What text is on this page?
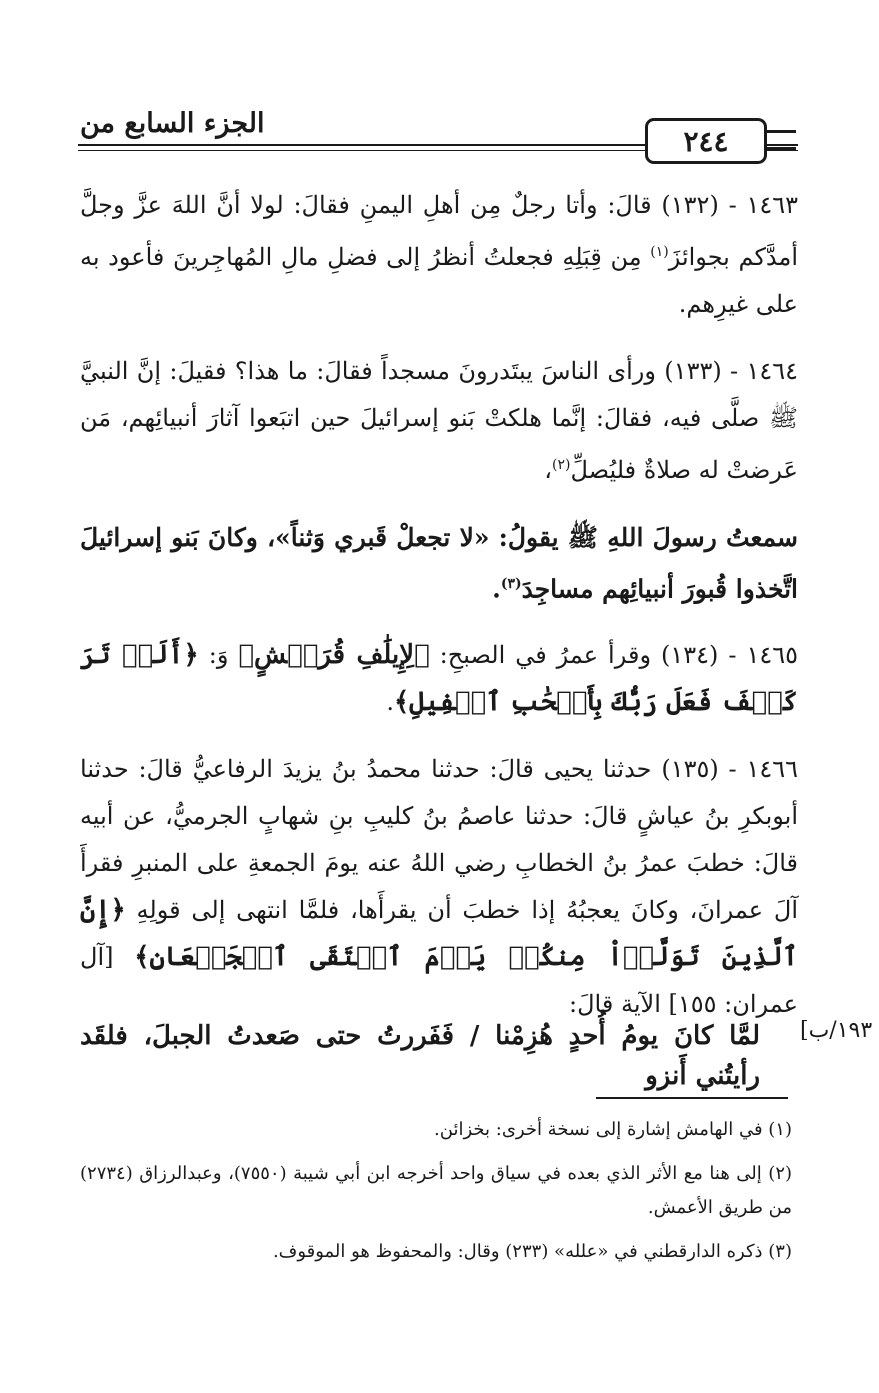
الجزء السابع من
٢٤٤

١٤٦٣ - (١٣٢) قالَ: وأتا رجلٌ مِن أهلِ اليمنِ فقالَ: لولا أنَّ اللهَ عزَّ وجلَّ أمدَّكم بجوائزَ$^{(١)}$ مِن قِبَلِهِ فجعلتُ أنظرُ إلى فضلِ مالِ المُهاجِرينَ فأعود به على غيرِهم.

١٤٦٤ - (١٣٣) ورأى الناسَ يبتَدرونَ مسجداً فقالَ: ما هذا؟ فقيلَ: إنَّ النبيَّ ﷺ صلَّى فيه، فقالَ: إنَّما هلكتْ بَنو إسرائيلَ حين اتبَعوا آثارَ أنبيائِهم، مَن عَرضتْ له صلاةٌ فليُصلِّ$^{(٢)}$،

سمعتُ رسولَ اللهِ ﷺ يقولُ: «لا تجعلْ قَبري وَثناً»، وكانَ بَنو إسرائيلَ اتَّخذوا قُبورَ أنبيائِهم مساجِدَ$^{(٣)}$.

١٤٦٥ - (١٣٤) وقرأ عمرُ في الصبحِ: ﴿لِإِيلَٰفِ قُرَيۡشٍ﴾ وَ: ﴿أَلَمۡ تَرَ كَيۡفَ فَعَلَ رَبُّكَ بِأَصۡحَٰبِ ٱلۡفِيلِ﴾.

١٤٦٦ - (١٣٥) حدثنا يحيى قالَ: حدثنا محمدُ بنُ يزيدَ الرفاعيُّ قالَ: حدثنا أبوبكرِ بنُ عياشٍ قالَ: حدثنا عاصمُ بنُ كليبِ بنِ شهابٍ الجرميُّ، عن أبيه قالَ: خطبَ عمرُ بنُ الخطابِ رضي اللهُ عنه يومَ الجمعةِ على المنبرِ فقرأَ آلَ عمرانَ، وكانَ يعجبُهُ إذا خطبَ أن يقرأَها، فلمَّا انتهى إلى قولِهِ ﴿إِنَّ ٱلَّذِينَ تَوَلَّوۡاْ مِنكُمۡ يَوۡمَ ٱلۡتَقَى ٱلۡجَمۡعَانِ﴾ [آل عمران: ١٥٥] الآية قالَ:

لمَّا كانَ يومُ أُحدٍ هُزِمْنا / فَفَررتُ حتى صَعدتُ الجبلَ، فلقَد رأيتُني أَنزو
١٩٣/ب]

(١) في الهامش إشارة إلى نسخة أخرى: بخزائن.

(٢) إلى هنا مع الأثر الذي بعده في سياق واحد أخرجه ابن أبي شيبة (٧٥٥٠)، وعبدالرزاق (٢٧٣٤) من طريق الأعمش.

(٣) ذكره الدارقطني في «علله» (٢٣٣) وقال: والمحفوظ هو الموقوف.
